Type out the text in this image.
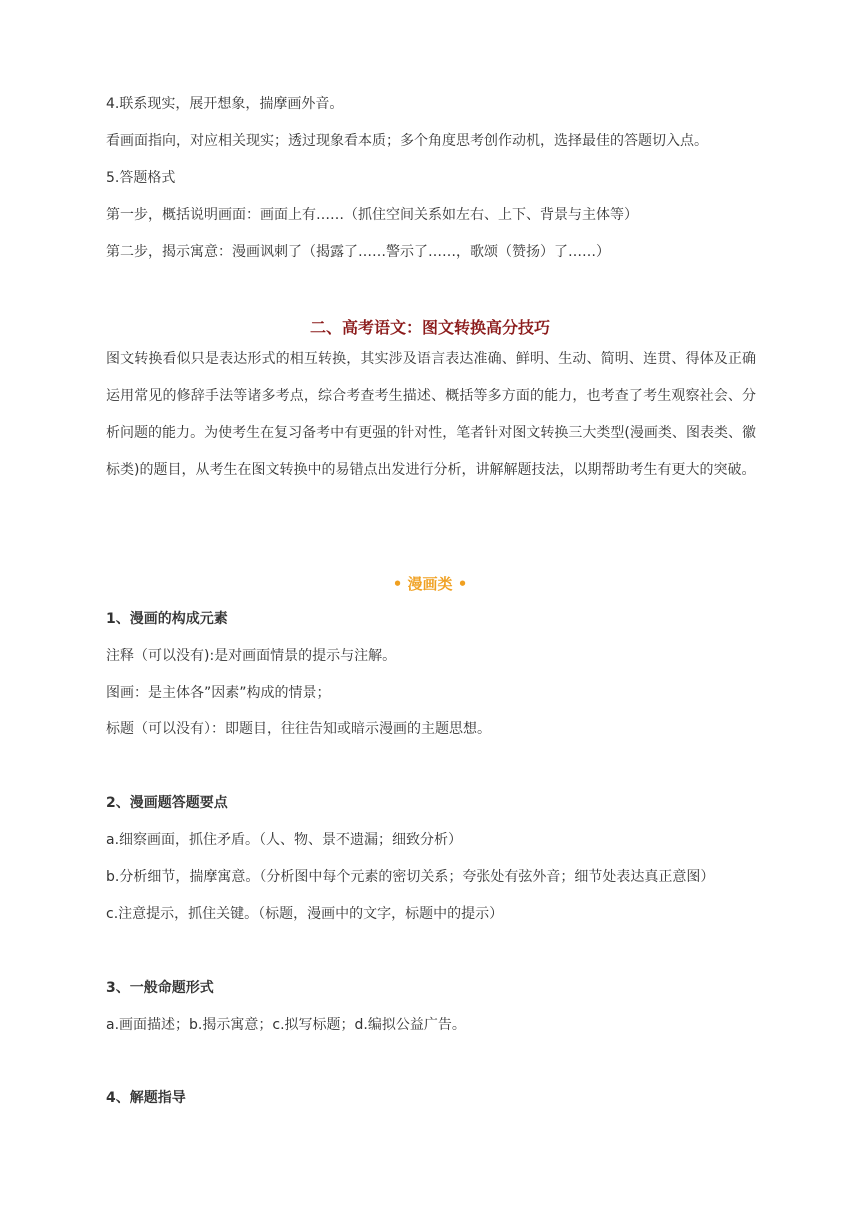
4.联系现实，展开想象，揣摩画外音。

看画面指向，对应相关现实；透过现象看本质；多个角度思考创作动机，选择最佳的答题切入点。

5.答题格式

第一步，概括说明画面：画面上有……（抓住空间关系如左右、上下、背景与主体等）

第二步，揭示寓意：漫画讽刺了（揭露了……警示了……，歌颂（赞扬）了……）

二、高考语文：图文转换高分技巧

图文转换看似只是表达形式的相互转换，其实涉及语言表达准确、鲜明、生动、简明、连贯、得体及正确运用常见的修辞手法等诸多考点，综合考查考生描述、概括等多方面的能力，也考查了考生观察社会、分析问题的能力。为使考生在复习备考中有更强的针对性，笔者针对图文转换三大类型(漫画类、图表类、徽标类)的题目，从考生在图文转换中的易错点出发进行分析，讲解解题技法，以期帮助考生有更大的突破。

• 漫画类 •

1、漫画的构成元素

注释（可以没有):是对画面情景的提示与注解。

图画：是主体各”因素”构成的情景；

标题（可以没有）：即题目，往往告知或暗示漫画的主题思想。

2、漫画题答题要点

a.细察画面，抓住矛盾。（人、物、景不遗漏；细致分析）

b.分析细节，揣摩寓意。（分析图中每个元素的密切关系；夸张处有弦外音；细节处表达真正意图）

c.注意提示，抓住关键。（标题，漫画中的文字，标题中的提示）

3、一般命题形式

a.画面描述；b.揭示寓意；c.拟写标题；d.编拟公益广告。

4、解题指导
